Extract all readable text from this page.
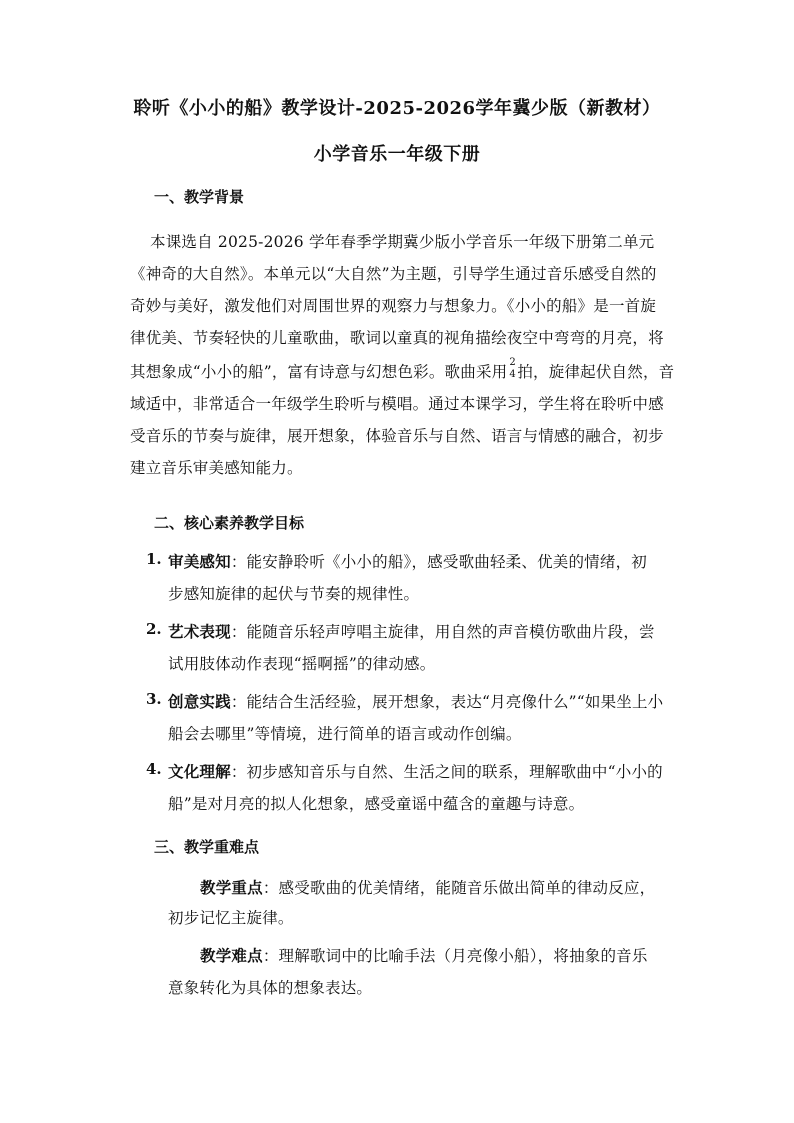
聆听《小小的船》教学设计-2025-2026学年冀少版（新教材）
小学音乐一年级下册
一、教学背景
本课选自 2025-2026 学年春季学期冀少版小学音乐一年级下册第二单元
《神奇的大自然》。本单元以“大自然”为主题，引导学生通过音乐感受自然的
奇妙与美好，激发他们对周围世界的观察力与想象力。《小小的船》是一首旋
律优美、节奏轻快的儿童歌曲，歌词以童真的视角描绘夜空中弯弯的月亮，将
其想象成“小小的船”，富有诗意与幻想色彩。歌曲采用
2
4 拍，旋律起伏自然，音
域适中，非常适合一年级学生聆听与模唱。通过本课学习，学生将在聆听中感
受音乐的节奏与旋律，展开想象，体验音乐与自然、语言与情感的融合，初步
建立音乐审美感知能力。
二、核心素养教学目标
1. 审美感知：能安静聆听《小小的船》，感受歌曲轻柔、优美的情绪，初
步感知旋律的起伏与节奏的规律性。
2. 艺术表现：能随音乐轻声哼唱主旋律，用自然的声音模仿歌曲片段，尝
试用肢体动作表现“摇啊摇”的律动感。
3. 创意实践：能结合生活经验，展开想象，表达“月亮像什么”“如果坐上小
船会去哪里”等情境，进行简单的语言或动作创编。
4. 文化理解：初步感知音乐与自然、生活之间的联系，理解歌曲中“小小的
船”是对月亮的拟人化想象，感受童谣中蕴含的童趣与诗意。
三、教学重难点
教学重点：感受歌曲的优美情绪，能随音乐做出简单的律动反应，
初步记忆主旋律。
教学难点：理解歌词中的比喻手法（月亮像小船），将抽象的音乐
意象转化为具体的想象表达。
